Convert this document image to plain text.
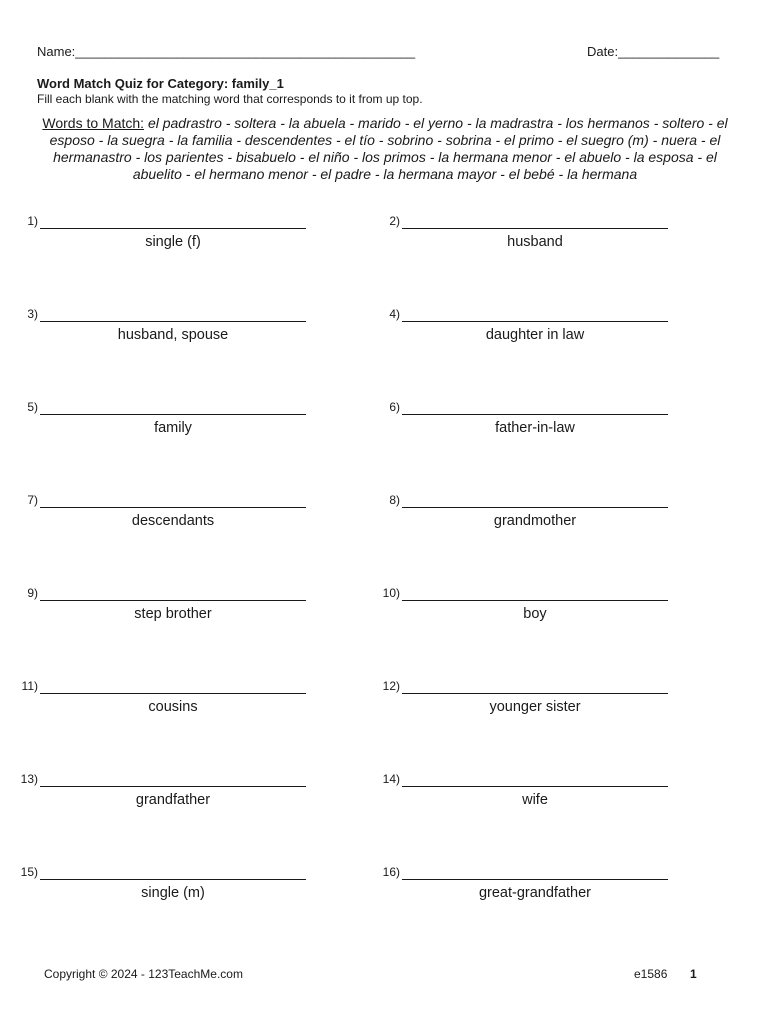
Name:_______________________________________________	Date:______________
Word Match Quiz for Category: family_1
Fill each blank with the matching word that corresponds to it from up top.
Words to Match: el padrastro - soltera - la abuela - marido - el yerno - la madrastra - los hermanos - soltero - el esposo - la suegra - la familia - descendentes - el tío - sobrino - sobrina - el primo - el suegro (m) - nuera - el hermanastro - los parientes - bisabuelo - el niño - los primos - la hermana menor - el abuelo - la esposa - el abuelito - el hermano menor - el padre - la hermana mayor - el bebé - la hermana
1)
single (f)
2)
husband
3)
husband, spouse
4)
daughter in law
5)
family
6)
father-in-law
7)
descendants
8)
grandmother
9)
step brother
10)
boy
11)
cousins
12)
younger sister
13)
grandfather
14)
wife
15)
single (m)
16)
great-grandfather
Copyright © 2024 - 123TeachMe.com	e1586 1
